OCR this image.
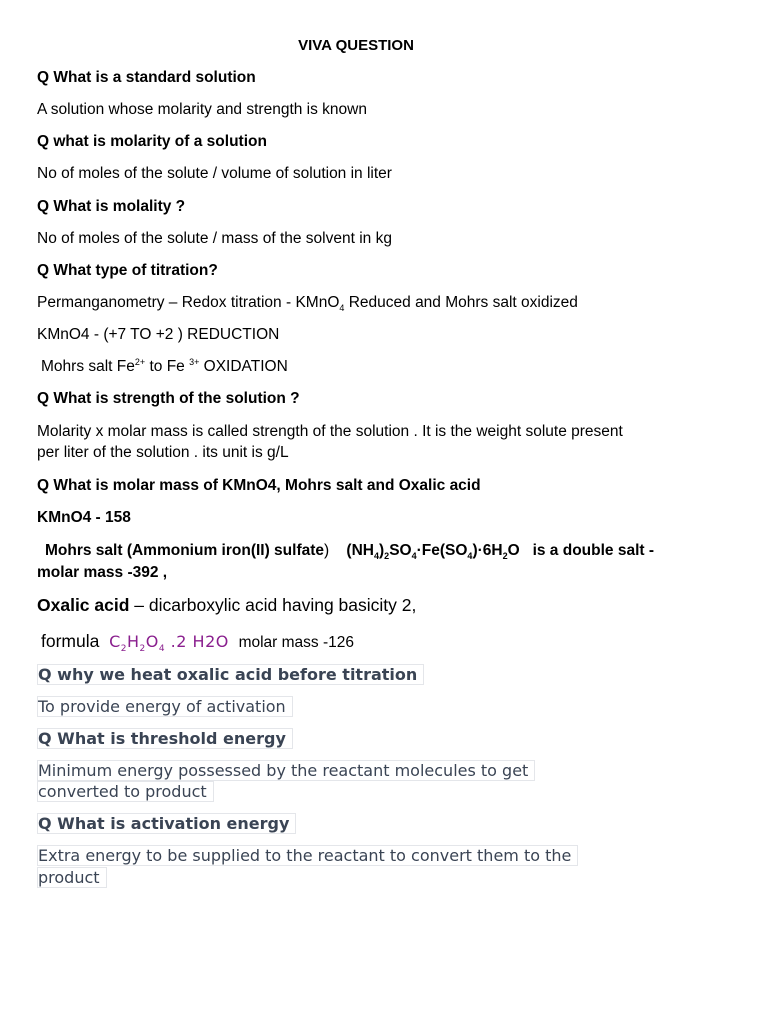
VIVA QUESTION

Q What is a standard solution

A solution whose molarity and strength is known

Q what is molarity of a solution

No of moles of the solute / volume of solution in liter

Q What is molality ?

No of moles of the solute / mass of the solvent in kg

Q What type of titration?

Permanganometry – Redox titration - KMnO$_4$ Reduced and Mohrs salt oxidized

KMnO4 - (+7 TO +2 ) REDUCTION

Mohrs salt $Fe^{2+}$ to Fe $^{3+}$ OXIDATION

Q What is strength of the solution ?

Molarity x molar mass is called strength of the solution . It is the weight solute present

per liter of the solution . its unit is g/L

Q What is molar mass of KMnO4, Mohrs salt and Oxalic acid

KMnO4 - 158

Mohrs salt (Ammonium iron(II) sulfate) $(NH_4)_2SO_4\cdot Fe(SO_4)\cdot 6H_2O$ is a double salt -

molar mass -392 ,

Oxalic acid – dicarboxylic acid having basicity 2,

formula $C_2H_2O_4$ .2 H2O molar mass -126

Q why we heat oxalic acid before titration

To provide energy of activation

Q What is threshold energy

Minimum energy possessed by the reactant molecules to get

converted to product

Q What is activation energy

Extra energy to be supplied to the reactant to convert them to the

product
